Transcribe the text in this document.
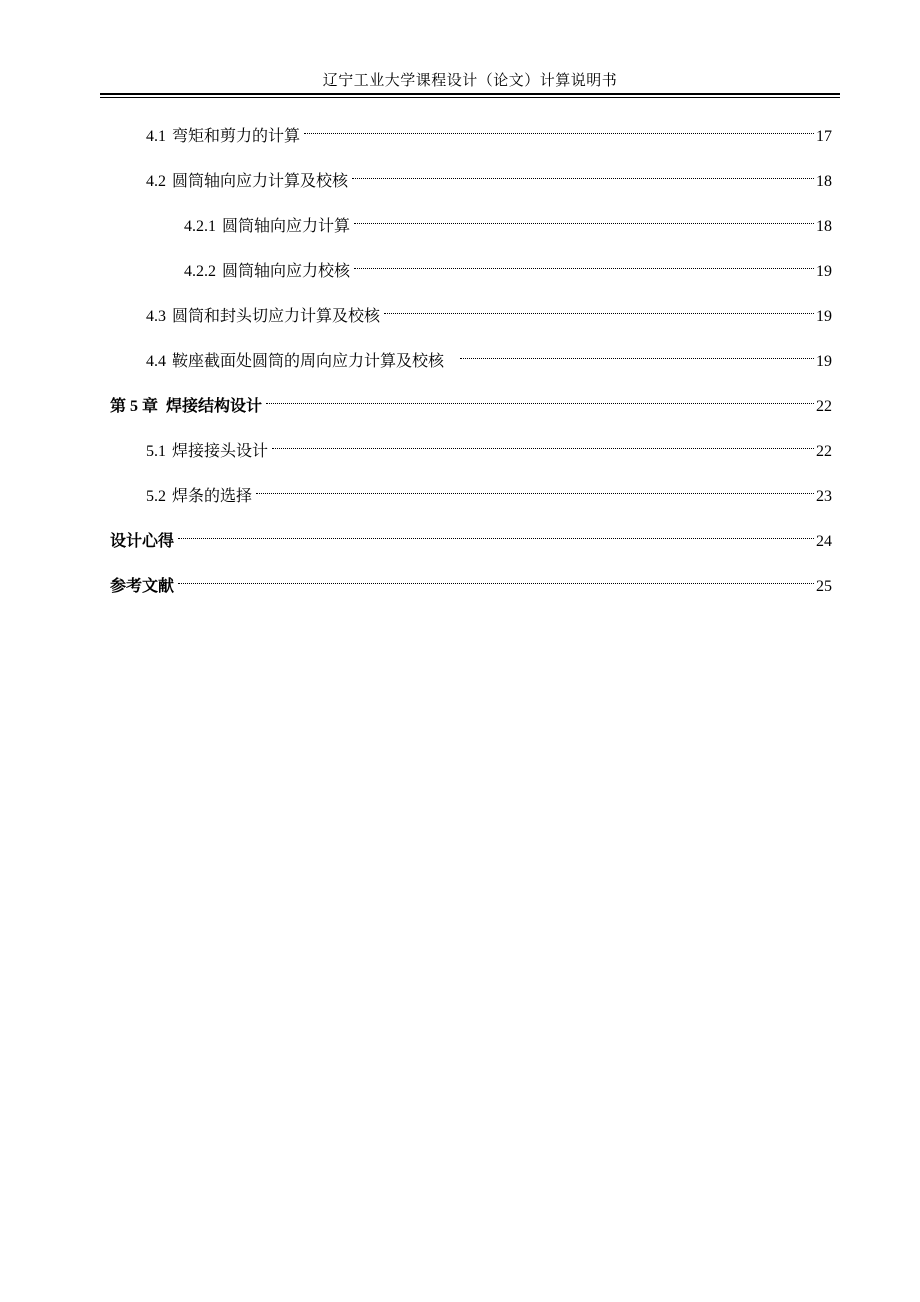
辽宁工业大学课程设计（论文）计算说明书
4.1 弯矩和剪力的计算	17
4.2 圆筒轴向应力计算及校核	18
4.2.1 圆筒轴向应力计算	18
4.2.2 圆筒轴向应力校核	19
4.3 圆筒和封头切应力计算及校核	19
4.4 鞍座截面处圆筒的周向应力计算及校核	19
第 5 章 焊接结构设计	22
5.1 焊接接头设计	22
5.2 焊条的选择	23
设计心得	24
参考文献	25
